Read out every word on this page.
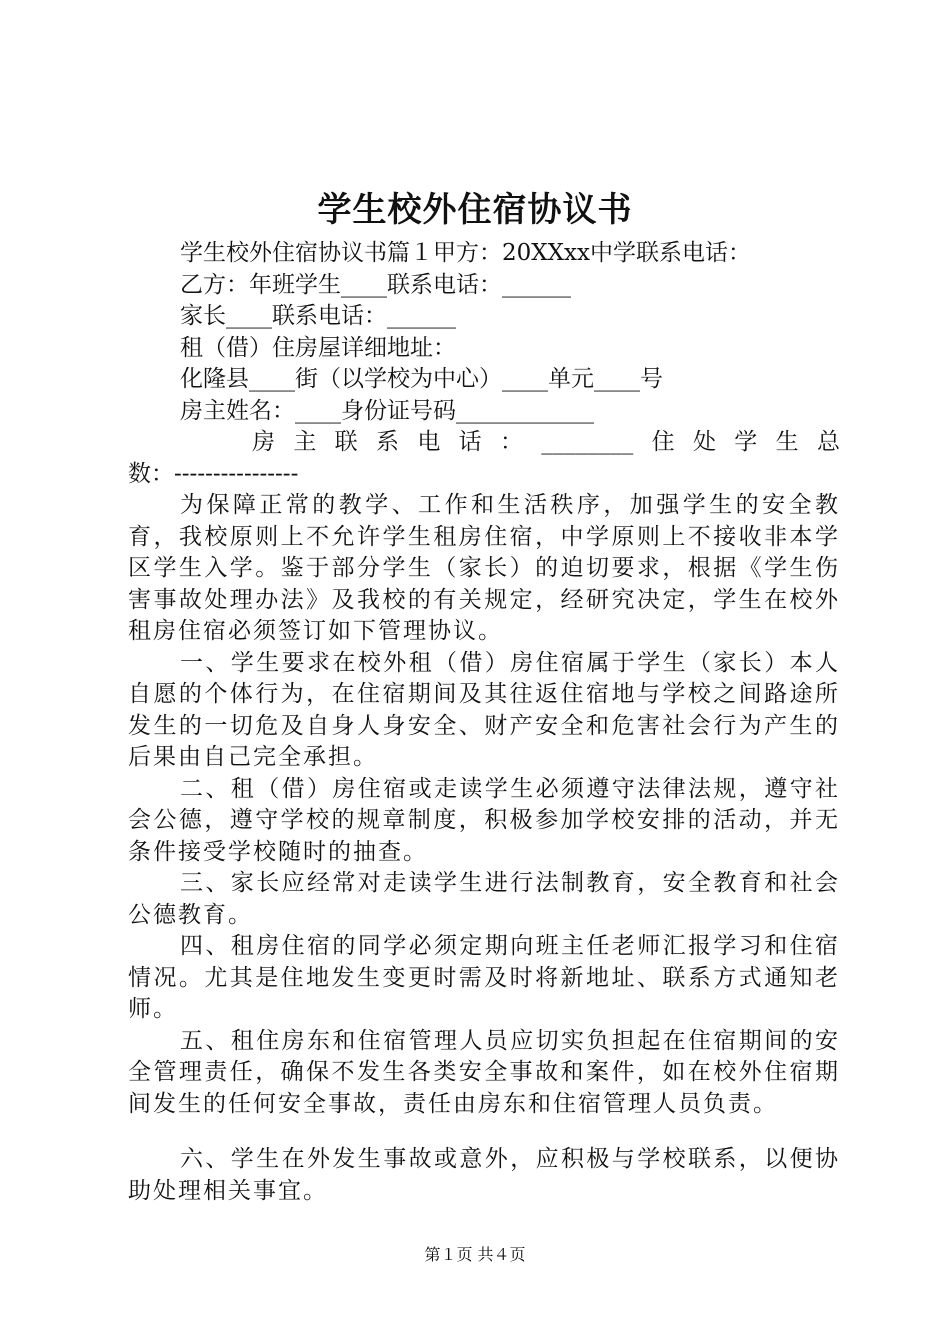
学生校外住宿协议书
学生校外住宿协议书篇１甲方：20XXxx中学联系电话：
乙方：年班学生____联系电话：______
家长____联系电话：______
租（借）住房屋详细地址：
化隆县____街（以学校为中心）____单元____号
房主姓名：____身份证号码____________
房 主 联 系 电 话 ： ________ 住 处 学 生 总
数：----------------

为保障正常的教学、工作和生活秩序，加强学生的安全教育，我校原则上不允许学生租房住宿，中学原则上不接收非本学区学生入学。鉴于部分学生（家长）的迫切要求，根据《学生伤害事故处理办法》及我校的有关规定，经研究决定，学生在校外租房住宿必须签订如下管理协议。

一、学生要求在校外租（借）房住宿属于学生（家长）本人自愿的个体行为，在住宿期间及其往返住宿地与学校之间路途所发生的一切危及自身人身安全、财产安全和危害社会行为产生的后果由自己完全承担。

二、租（借）房住宿或走读学生必须遵守法律法规，遵守社会公德，遵守学校的规章制度，积极参加学校安排的活动，并无条件接受学校随时的抽查。

三、家长应经常对走读学生进行法制教育，安全教育和社会公德教育。

四、租房住宿的同学必须定期向班主任老师汇报学习和住宿情况。尤其是住地发生变更时需及时将新地址、联系方式通知老师。

五、租住房东和住宿管理人员应切实负担起在住宿期间的安全管理责任，确保不发生各类安全事故和案件，如在校外住宿期间发生的任何安全事故，责任由房东和住宿管理人员负责。

六、学生在外发生事故或意外，应积极与学校联系，以便协助处理相关事宜。

第１页 共４页
